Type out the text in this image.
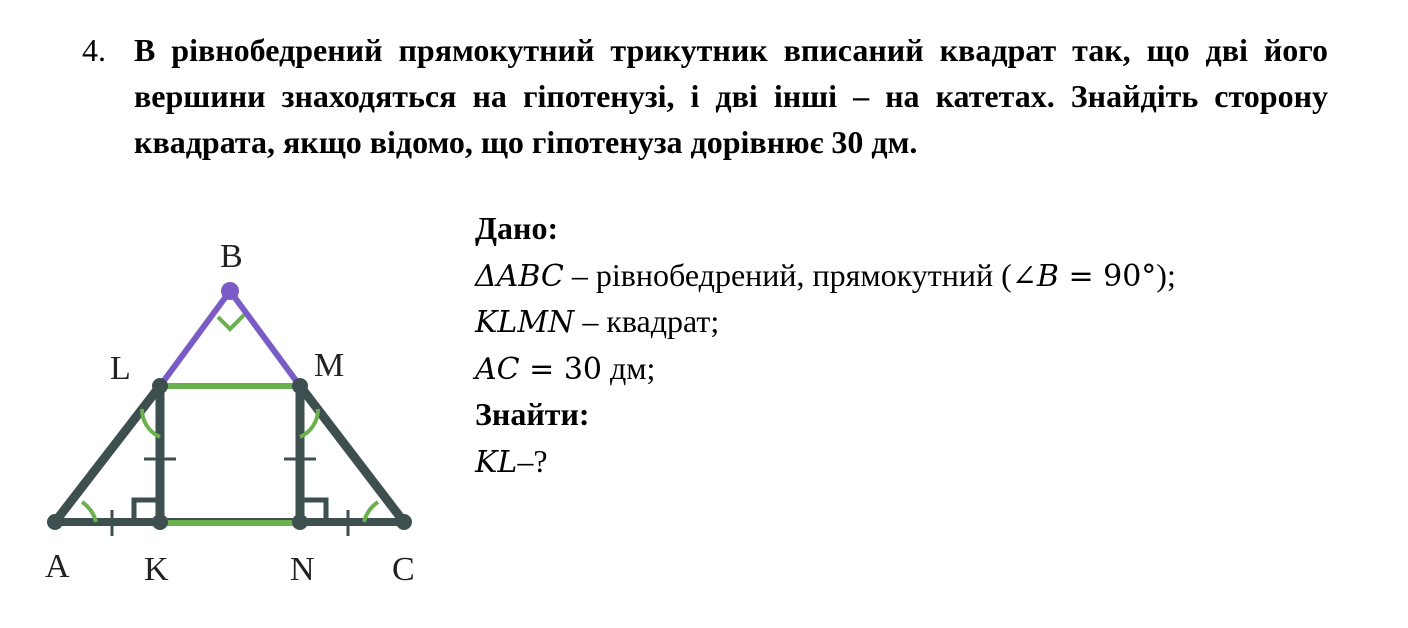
4. В рівнобедрений прямокутний трикутник вписаний квадрат так, що дві його вершини знаходяться на гіпотенузі, і дві інші – на катетах. Знайдіть сторону квадрата, якщо відомо, що гіпотенуза дорівнює 30 дм.
B
L	M
A K	N C
Дано:
ΔABC – рівнобедрений, прямокутний (∠B = 90°);
KLMN – квадрат;
AC = 30 дм;
Знайти:
KL–?
